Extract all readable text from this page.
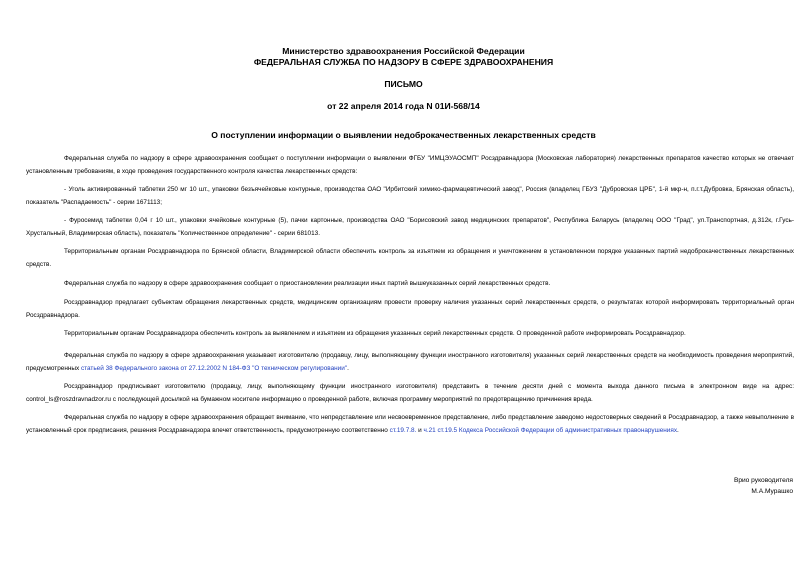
Министерство здравоохранения Российской Федерации
ФЕДЕРАЛЬНАЯ СЛУЖБА ПО НАДЗОРУ В СФЕРЕ ЗДРАВООХРАНЕНИЯ
ПИСЬМО
от 22 апреля 2014 года N 01И-568/14
О поступлении информации о выявлении недоброкачественных лекарственных средств
Федеральная служба по надзору в сфере здравоохранения сообщает о поступлении информации о выявлении ФГБУ "ИМЦЭУАОСМП" Росздравнадзора (Московская лаборатория) лекарственных препаратов качество которых не отвечает установленным требованиям, в ходе проведения государственного контроля качества лекарственных средств:
- Уголь активированный таблетки 250 мг 10 шт., упаковки безъячейковые контурные, производства ОАО "Ирбитский химико-фармацевтический завод", Россия (владелец ГБУЗ "Дубровская ЦРБ", 1-й мкр-н, п.г.т.Дубровка, Брянская область), показатель "Распадаемость" - серии 1671113;
- Фуросемид таблетки 0,04 г 10 шт., упаковки ячейковые контурные (5), пачки картонные, производства ОАО "Борисовский завод медицинских препаратов", Республика Беларусь (владелец ООО "Град", ул.Транспортная, д.312к, г.Гусь-Хрустальный, Владимирская область), показатель "Количественное определение" - серии 681013.
Территориальным органам Росздравнадзора по Брянской области, Владимирской области обеспечить контроль за изъятием из обращения и уничтожением в установленном порядке указанных партий недоброкачественных лекарственных средств.
Федеральная служба по надзору в сфере здравоохранения сообщает о приостановлении реализации иных партий вышеуказанных серий лекарственных средств.
Росздравнадзор предлагает субъектам обращения лекарственных средств, медицинским организациям провести проверку наличия указанных серий лекарственных средств, о результатах которой информировать территориальный орган Росздравнадзора.
Территориальным органам Росздравнадзора обеспечить контроль за выявлением и изъятием из обращения указанных серий лекарственных средств. О проведенной работе информировать Росздравнадзор.
Федеральная служба по надзору в сфере здравоохранения указывает изготовителю (продавцу, лицу, выполняющему функции иностранного изготовителя) указанных серий лекарственных средств на необходимость проведения мероприятий, предусмотренных статьей 38 Федерального закона от 27.12.2002 N 184-ФЗ "О техническом регулировании".
Росздравнадзор предписывает изготовителю (продавцу, лицу, выполняющему функции иностранного изготовителя) представить в течение десяти дней с момента выхода данного письма в электронном виде на адрес: control_ls@roszdravnadzor.ru с последующей досылкой на бумажном носителе информацию о проведенной работе, включая программу мероприятий по предотвращению причинения вреда.
Федеральная служба по надзору в сфере здравоохранения обращает внимание, что непредставление или несвоевременное представление, либо представление заведомо недостоверных сведений в Росздравнадзор, а также невыполнение в установленный срок предписания, решения Росздравнадзора влечет ответственность, предусмотренную соответственно ст.19.7.8. и ч.21 ст.19.5 Кодекса Российской Федерации об административных правонарушениях.
Врио руководителя
М.А.Мурашко
